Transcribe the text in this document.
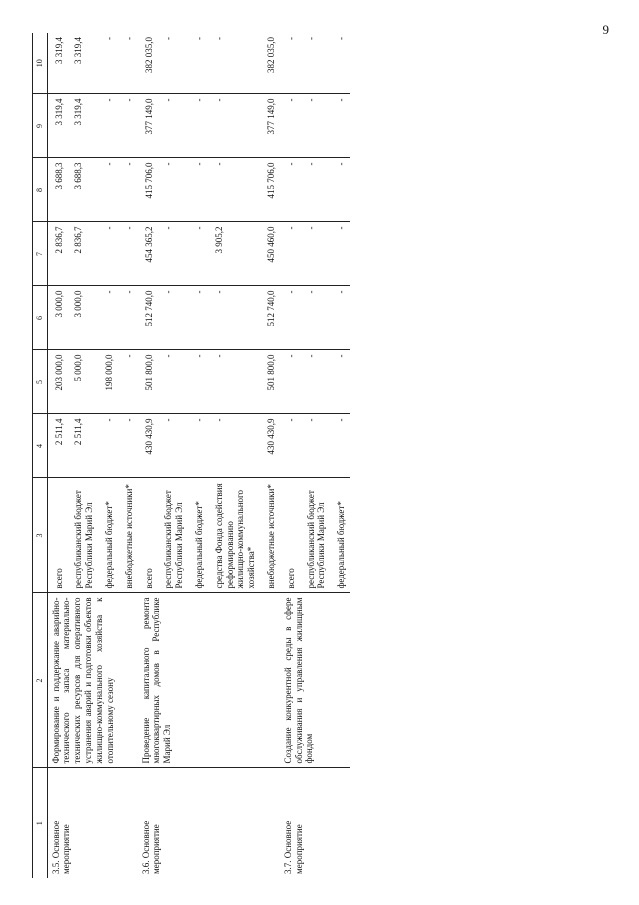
9
1	2	3	4	5	6	7	8	9	10
3.5. Основное мероприятие	Формирование и поддержание аварийно-технического запаса материально-технических ресурсов для оперативного устранения аварий и подготовки объектов жилищно-коммунального хозяйства к отопительному сезону	всего	2 511,4	203 000,0	3 000,0	2 836,7	3 688,3	3 319,4	3 319,4
		республиканский бюджет Республики Марий Эл	2 511,4	5 000,0	3 000,0	2 836,7	3 688,3	3 319,4	3 319,4
		федеральный бюджет*	-	198 000,0	-	-	-	-	-
		внебюджетные источники*	-	-	-	-	-	-	-
3.6. Основное мероприятие	Проведение капитального ремонта многоквартирных домов в Республике Марий Эл	всего	430 430,9	501 800,0	512 740,0	454 365,2	415 706,0	377 149,0	382 035,0
		республиканский бюджет Республики Марий Эл	-	-	-	-	-	-	-
		федеральный бюджет*	-	-	-	-	-	-	-
		средства Фонда содействия реформированию жилищно-коммунального хозяйства*	-	-	-	3 905,2	-	-	-
		внебюджетные источники*	430 430,9	501 800,0	512 740,0	450 460,0	415 706,0	377 149,0	382 035,0
3.7. Основное мероприятие	Создание конкурентной среды в сфере обслуживания и управления жилищным фондом	всего	-	-	-	-	-	-	-
		республиканский бюджет Республики Марий Эл	-	-	-	-	-	-	-
		федеральный бюджет*	-	-	-	-	-	-	-
